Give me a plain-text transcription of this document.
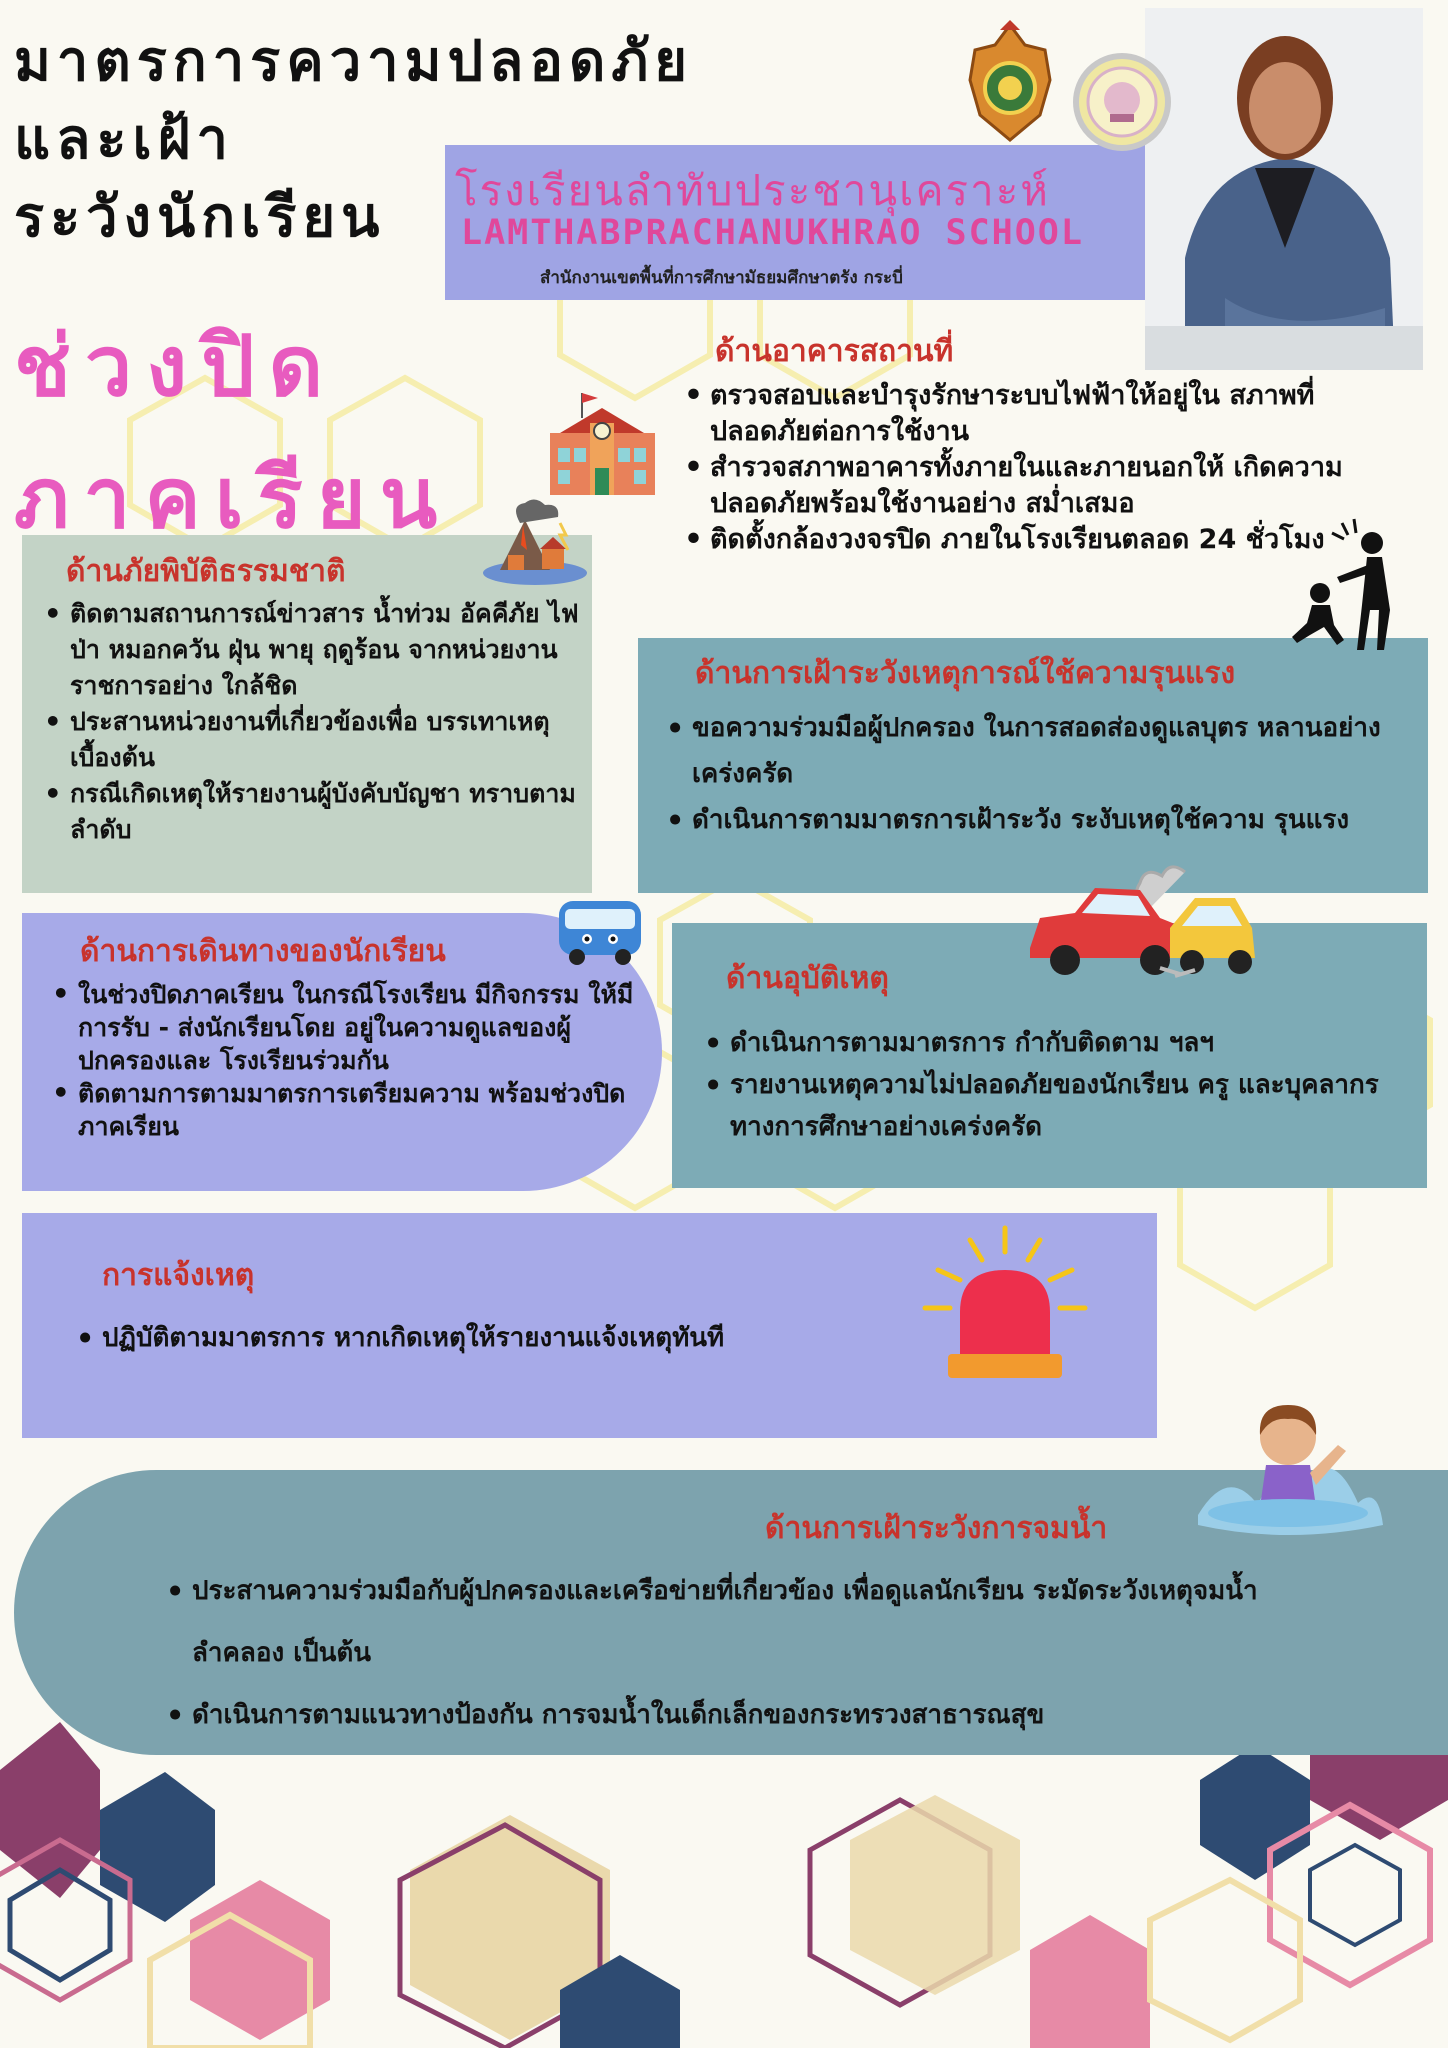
มาตรการความปลอดภัย
และเฝ้า
ระวังนักเรียน
ช่วงปิด
ภาคเรียน
โรงเรียนลำทับประชานุเคราะห์
LAMTHABPRACHANUKHRAO SCHOOL
สำนักงานเขตพื้นที่การศึกษามัธยมศึกษาตรัง กระบี่
ด้านอาคารสถานที่
• ตรวจสอบและบำรุงรักษาระบบไฟฟ้าให้อยู่ใน สภาพที่ปลอดภัยต่อการใช้งาน
• สำรวจสภาพอาคารทั้งภายในและภายนอกให้ เกิดความปลอดภัยพร้อมใช้งานอย่าง สม่ำเสมอ
• ติดตั้งกล้องวงจรปิด ภายในโรงเรียนตลอด 24 ชั่วโมง
ด้านภัยพิบัติธรรมชาติ
• ติดตามสถานการณ์ข่าวสาร น้ำท่วม อัคคีภัย ไฟป่า หมอกควัน ฝุ่น พายุ ฤดูร้อน จากหน่วยงานราชการอย่าง ใกล้ชิด
• ประสานหน่วยงานที่เกี่ยวข้องเพื่อ บรรเทาเหตุเบื้องต้น
• กรณีเกิดเหตุให้รายงานผู้บังคับบัญชา ทราบตามลำดับ
ด้านการเฝ้าระวังเหตุการณ์ใช้ความรุนแรง
• ขอความร่วมมือผู้ปกครอง ในการสอดส่องดูแลบุตร หลานอย่างเคร่งครัด
• ดำเนินการตามมาตรการเฝ้าระวัง ระงับเหตุใช้ความ รุนแรง
ด้านการเดินทางของนักเรียน
• ในช่วงปิดภาคเรียน ในกรณีโรงเรียน มีกิจกรรม ให้มีการรับ - ส่งนักเรียนโดย อยู่ในความดูแลของผู้ปกครองและ โรงเรียนร่วมกัน
• ติดตามการตามมาตรการเตรียมความ พร้อมช่วงปิดภาคเรียน
ด้านอุบัติเหตุ
• ดำเนินการตามมาตรการ กำกับติดตาม ฯลฯ
• รายงานเหตุความไม่ปลอดภัยของนักเรียน ครู และบุคลากรทางการศึกษาอย่างเคร่งครัด
การแจ้งเหตุ
• ปฏิบัติตามมาตรการ หากเกิดเหตุให้รายงานแจ้งเหตุทันที
ด้านการเฝ้าระวังการจมน้ำ
• ประสานความร่วมมือกับผู้ปกครองและเครือข่ายที่เกี่ยวข้อง เพื่อดูแลนักเรียน ระมัดระวังเหตุจมน้ำ ลำคลอง เป็นต้น
• ดำเนินการตามแนวทางป้องกัน การจมน้ำในเด็กเล็กของกระทรวงสาธารณสุข
